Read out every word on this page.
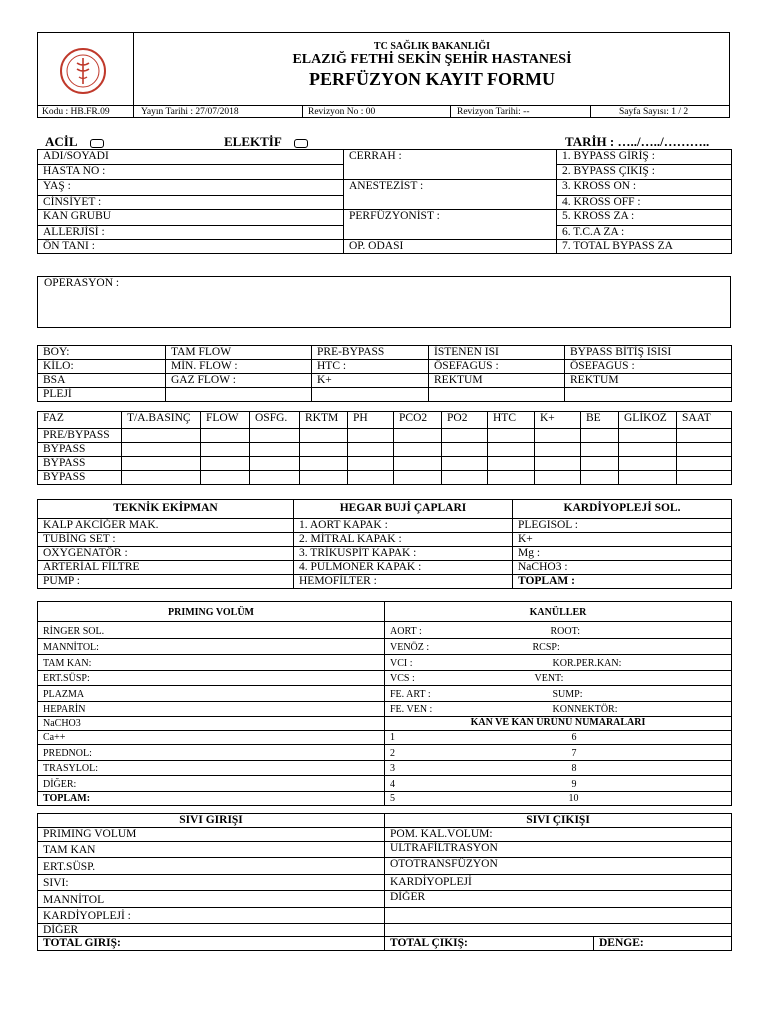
TC SAĞLIK BAKANLIĞI
ELAZIĞ FETHİ SEKİN ŞEHİR HASTANESİ
PERFÜZYON KAYIT FORMU
Kodu : HB.FR.09	Yayın Tarihi : 27/07/2018	Revizyon No : 00	Revizyon Tarihi: --	Sayfa Sayısı: 1 / 2
ACİL	ELEKTİF	TARİH : …../…../………..
ADI/SOYADI	CERRAH :	1. BYPASS GİRİŞ :
HASTA NO :		2. BYPASS ÇIKIŞ :
YAŞ :	ANESTEZİST :	3. KROSS ON :
CİNSİYET :		4. KROSS OFF :
KAN GRUBU	PERFÜZYONİST :	5. KROSS ZA :
ALLERJİSİ :		6. T.C.A ZA :
ÖN TANI :	OP. ODASI	7. TOTAL BYPASS ZA
OPERASYON :
BOY:	TAM FLOW	PRE-BYPASS	İSTENEN ISI	BYPASS BİTİŞ ISISI
KİLO:	MİN. FLOW :	HTC :	ÖSEFAGUS :	ÖSEFAGUS :
BSA	GAZ FLOW :	K+	REKTUM	REKTUM
PLEJİ				
FAZ	T/A.BASINÇ	FLOW	OSFG.	RKTM	PH	PCO2	PO2	HTC	K+	BE	GLİKOZ	SAAT
PRE/BYPASS												
BYPASS												
BYPASS												
BYPASS												
TEKNİK EKİPMAN	HEGAR BUJİ ÇAPLARI	KARDİYOPLEJİ SOL.
KALP AKCİĞER MAK.	1. AORT KAPAK :	PLEGISOL :
TUBİNG SET :	2. MİTRAL KAPAK :	K+
OXYGENATÖR :	3. TRİKUSPİT KAPAK :	Mg :
ARTERİAL FİLTRE	4. PULMONER KAPAK :	NaCHO3 :
PUMP :	HEMOFİLTER :	TOPLAM :
PRIMING VOLÜM	KANÜLLER	
RİNGER SOL.	AORT :	ROOT:
MANNİTOL:	VENÖZ :	RCSP:
TAM KAN:	VCI :	KOR.PER.KAN:
ERT.SÜSP:	VCS :	VENT:
PLAZMA	FE. ART :	SUMP:
HEPARİN	FE. VEN :	KONNEKTÖR:
NaCHO3	KAN VE KAN ÜRÜNÜ NUMARALARI	
Ca++	1	6
PREDNOL:	2	7
TRASYLOL:	3	8
DİĞER:	4	9
TOPLAM:	5	10
SIVI GIRIŞI	SIVI ÇIKIŞI	
PRIMING VOLUM	POM. KAL.VOLUM:	
TAM KAN	ULTRAFİLTRASYON	
ERT.SÜSP.	OTOTRANSFÜZYON	
SIVI:	KARDİYOPLEJİ	
MANNİTOL	DİĞER	
KARDİYOPLEJİ :		
DİĞER		
TOTAL GIRIŞ:	TOTAL ÇIKIŞ:	DENGE:
